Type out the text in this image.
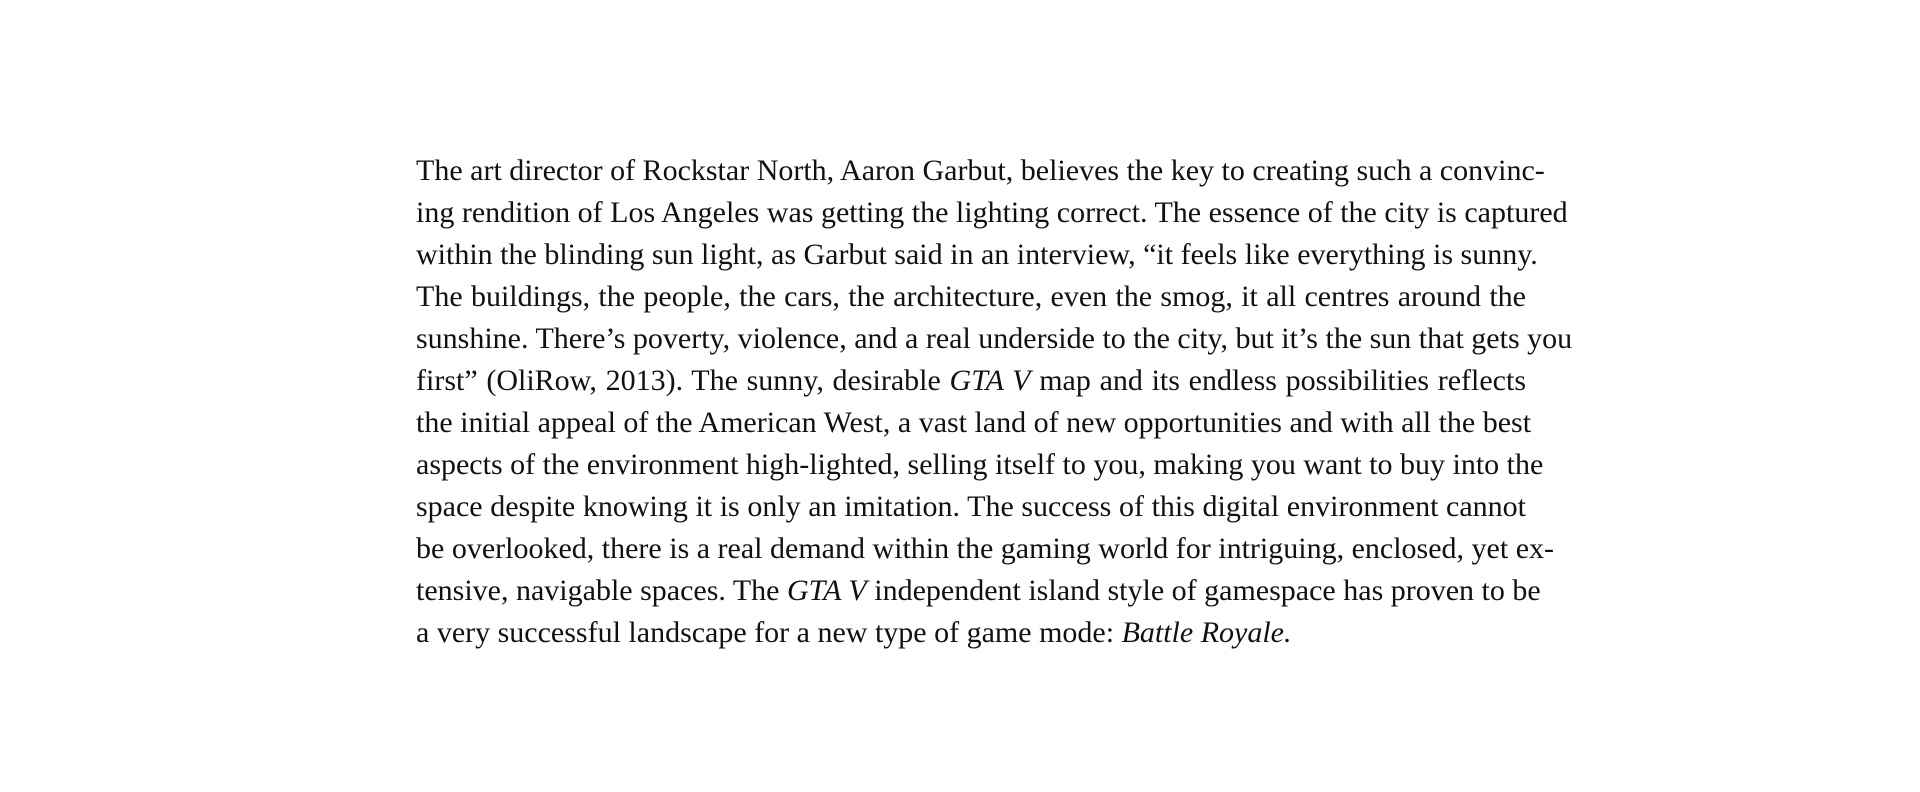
The art director of Rockstar North, Aaron Garbut, believes the key to creating such a convinc-
ing rendition of Los Angeles was getting the lighting correct. The essence of the city is captured
within the blinding sun light, as Garbut said in an interview, “it feels like everything is sunny.
The buildings, the people, the cars, the architecture, even the smog, it all centres around the
sunshine. There’s poverty, violence, and a real underside to the city, but it’s the sun that gets you
first” (OliRow, 2013). The sunny, desirable GTA V map and its endless possibilities reflects
the initial appeal of the American West, a vast land of new opportunities and with all the best
aspects of the environment high-lighted, selling itself to you, making you want to buy into the
space despite knowing it is only an imitation. The success of this digital environment cannot
be overlooked, there is a real demand within the gaming world for intriguing, enclosed, yet ex-
tensive, navigable spaces. The GTA V independent island style of gamespace has proven to be
a very successful landscape for a new type of game mode: Battle Royale.
